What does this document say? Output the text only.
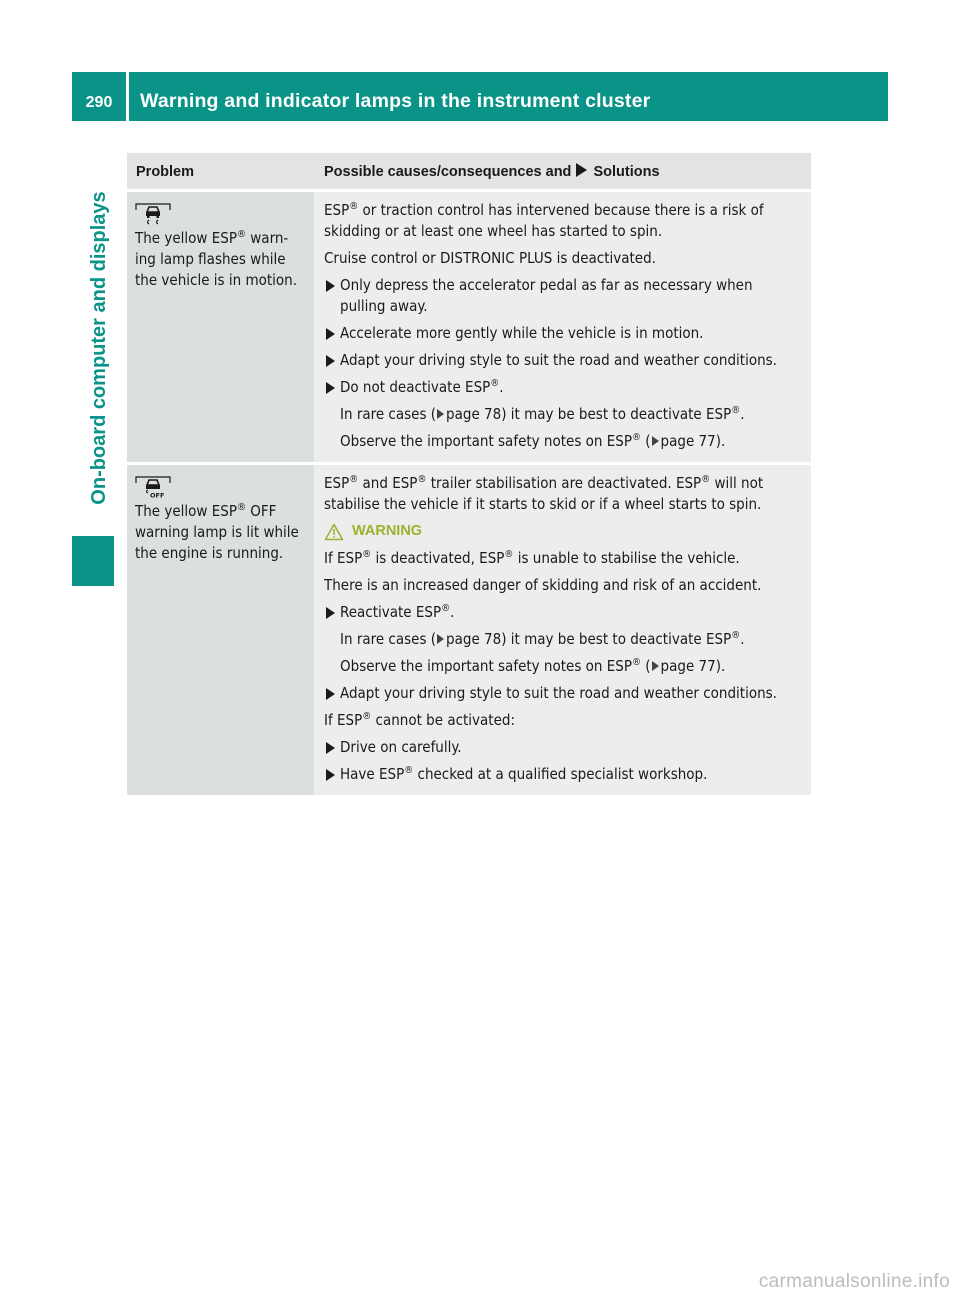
290	Warning and indicator lamps in the instrument cluster
On-board computer and displays
Problem	Possible causes/consequences and Solutions
The yellow ESP® warn-
ing lamp flashes while
the vehicle is in motion.
ESP® or traction control has intervened because there is a risk of
skidding or at least one wheel has started to spin.
Cruise control or DISTRONIC PLUS is deactivated.
Only depress the accelerator pedal as far as necessary when
pulling away.
Accelerate more gently while the vehicle is in motion.
Adapt your driving style to suit the road and weather conditions.
Do not deactivate ESP®.
In rare cases ( page 78) it may be best to deactivate ESP®.
Observe the important safety notes on ESP® ( page 77).
OFF
The yellow ESP® OFF
warning lamp is lit while
the engine is running.
ESP® and ESP® trailer stabilisation are deactivated. ESP® will not
stabilise the vehicle if it starts to skid or if a wheel starts to spin.
WARNING
If ESP® is deactivated, ESP® is unable to stabilise the vehicle.
There is an increased danger of skidding and risk of an accident.
Reactivate ESP®.
In rare cases ( page 78) it may be best to deactivate ESP®.
Observe the important safety notes on ESP® ( page 77).
Adapt your driving style to suit the road and weather conditions.
If ESP® cannot be activated:
Drive on carefully.
Have ESP® checked at a qualified specialist workshop.
carmanualsonline.info
